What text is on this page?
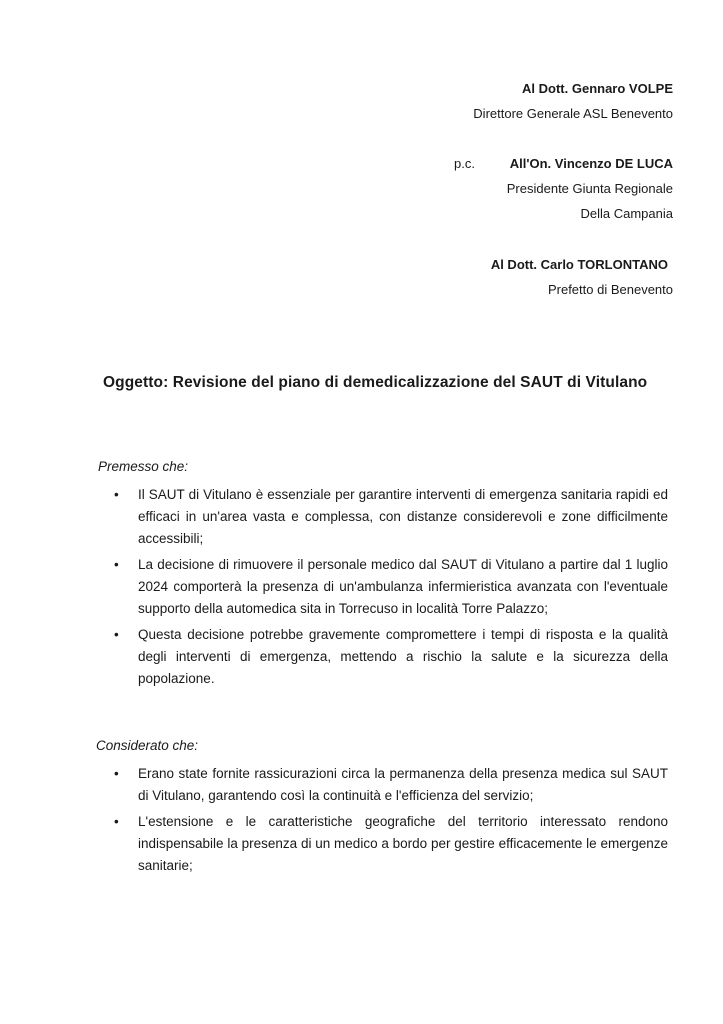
Al Dott. Gennaro VOLPE
Direttore Generale ASL Benevento
p.c.	All'On. Vincenzo DE LUCA
Presidente Giunta Regionale
Della Campania
Al Dott. Carlo TORLONTANO
Prefetto di Benevento
Oggetto: Revisione del piano di demedicalizzazione del SAUT di Vitulano
Premesso che:
• Il SAUT di Vitulano è essenziale per garantire interventi di emergenza sanitaria rapidi ed efficaci in un'area vasta e complessa, con distanze considerevoli e zone difficilmente accessibili;
• La decisione di rimuovere il personale medico dal SAUT di Vitulano a partire dal 1 luglio 2024 comporterà la presenza di un'ambulanza infermieristica avanzata con l'eventuale supporto della automedica sita in Torrecuso in località Torre Palazzo;
• Questa decisione potrebbe gravemente compromettere i tempi di risposta e la qualità degli interventi di emergenza, mettendo a rischio la salute e la sicurezza della popolazione.
Considerato che:
• Erano state fornite rassicurazioni circa la permanenza della presenza medica sul SAUT di Vitulano, garantendo così la continuità e l'efficienza del servizio;
• L'estensione e le caratteristiche geografiche del territorio interessato rendono indispensabile la presenza di un medico a bordo per gestire efficacemente le emergenze sanitarie;
